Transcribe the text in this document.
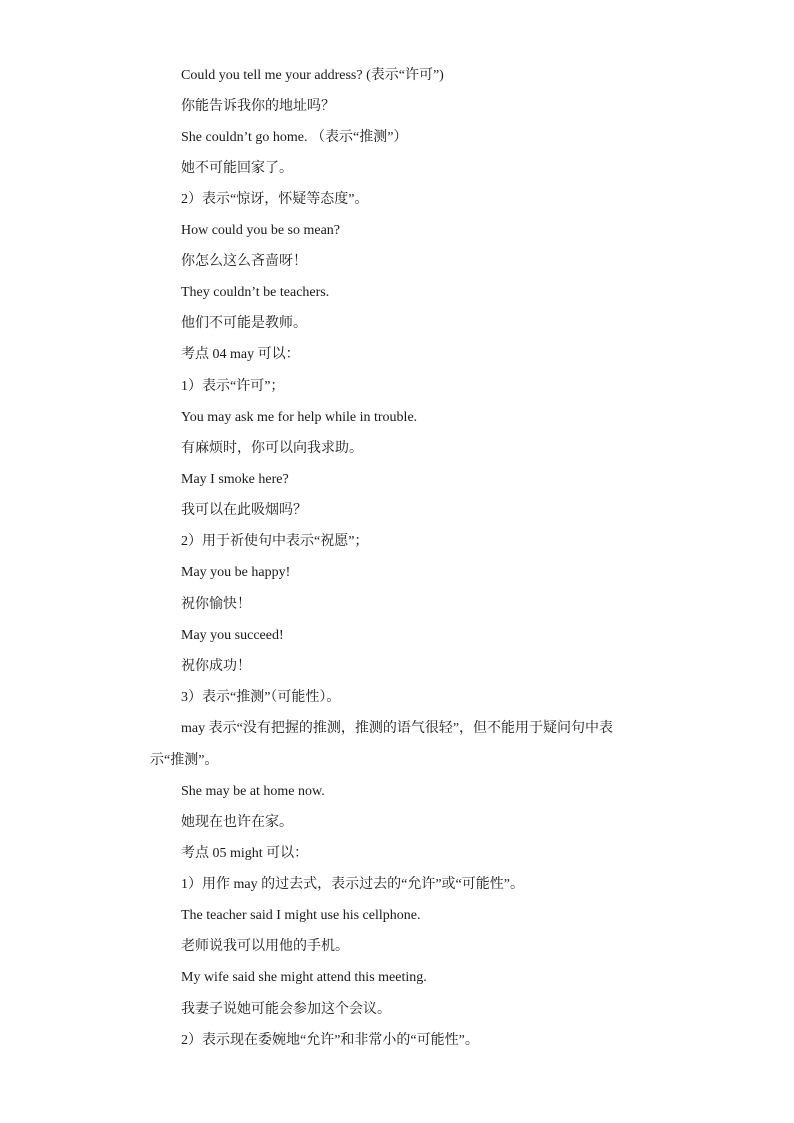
Could you tell me your address? (表示“许可”)
你能告诉我你的地址吗？
She couldn’t go home. （表示“推测”）
她不可能回家了。
2）表示“惊讶，怀疑等态度”。
How could you be so mean?
你怎么这么吝啬呀！
They couldn’t be teachers.
他们不可能是教师。
考点 04 may 可以：
1）表示“许可”；
You may ask me for help while in trouble.
有麻烦时，你可以向我求助。
May I smoke here?
我可以在此吸烟吗？
2）用于祈使句中表示“祝愿”；
May you be happy!
祝你愉快！
May you succeed!
祝你成功！
3）表示“推测”（可能性）。
may 表示“没有把握的推测，推测的语气很轻”，但不能用于疑问句中表
示“推测”。
She may be at home now.
她现在也许在家。
考点 05 might 可以：
1）用作 may 的过去式，表示过去的“允许”或“可能性”。
The teacher said I might use his cellphone.
老师说我可以用他的手机。
My wife said she might attend this meeting.
我妻子说她可能会参加这个会议。
2）表示现在委婉地“允许”和非常小的“可能性”。
